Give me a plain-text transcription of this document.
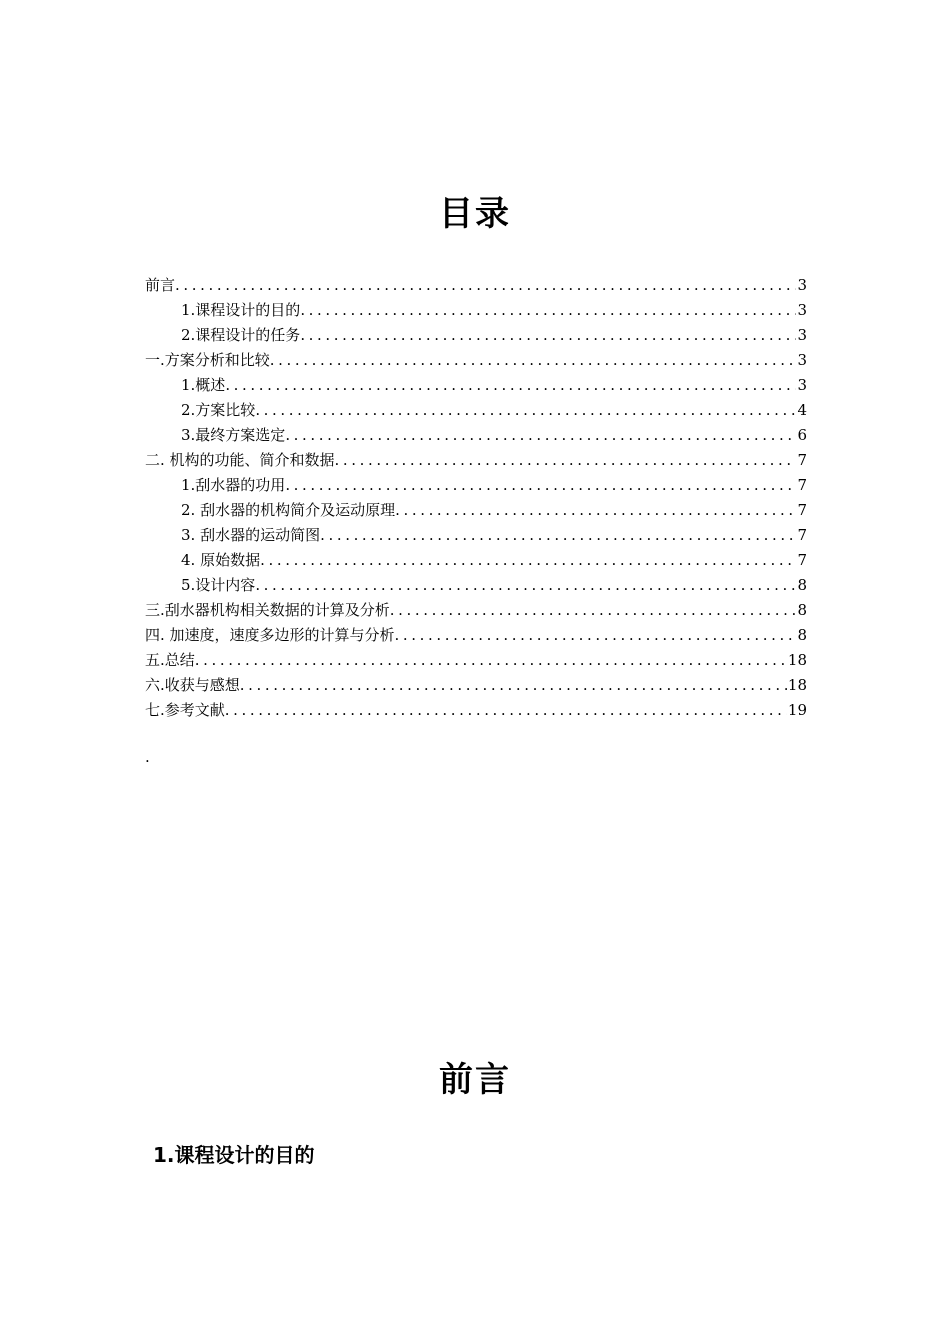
目录
前言 .....	3
1.课程设计的目的 .....	3
2.课程设计的任务 .....	3
一.方案分析和比较 .....	3
1.概述 .....	3
2.方案比较 .....	4
3.最终方案选定 .....	6
二. 机构的功能、简介和数据 .....	7
1.刮水器的功用 .....	7
2. 刮水器的机构简介及运动原理 .....	7
3. 刮水器的运动简图 .....	7
4. 原始数据 .....	7
5.设计内容 .....	8
三.刮水器机构相关数据的计算及分析 .....	8
四. 加速度，速度多边形的计算与分析 .....	8
五.总结 .....	18
六.收获与感想 .....	18
七.参考文献 .....	19
.
前言
1.课程设计的目的
